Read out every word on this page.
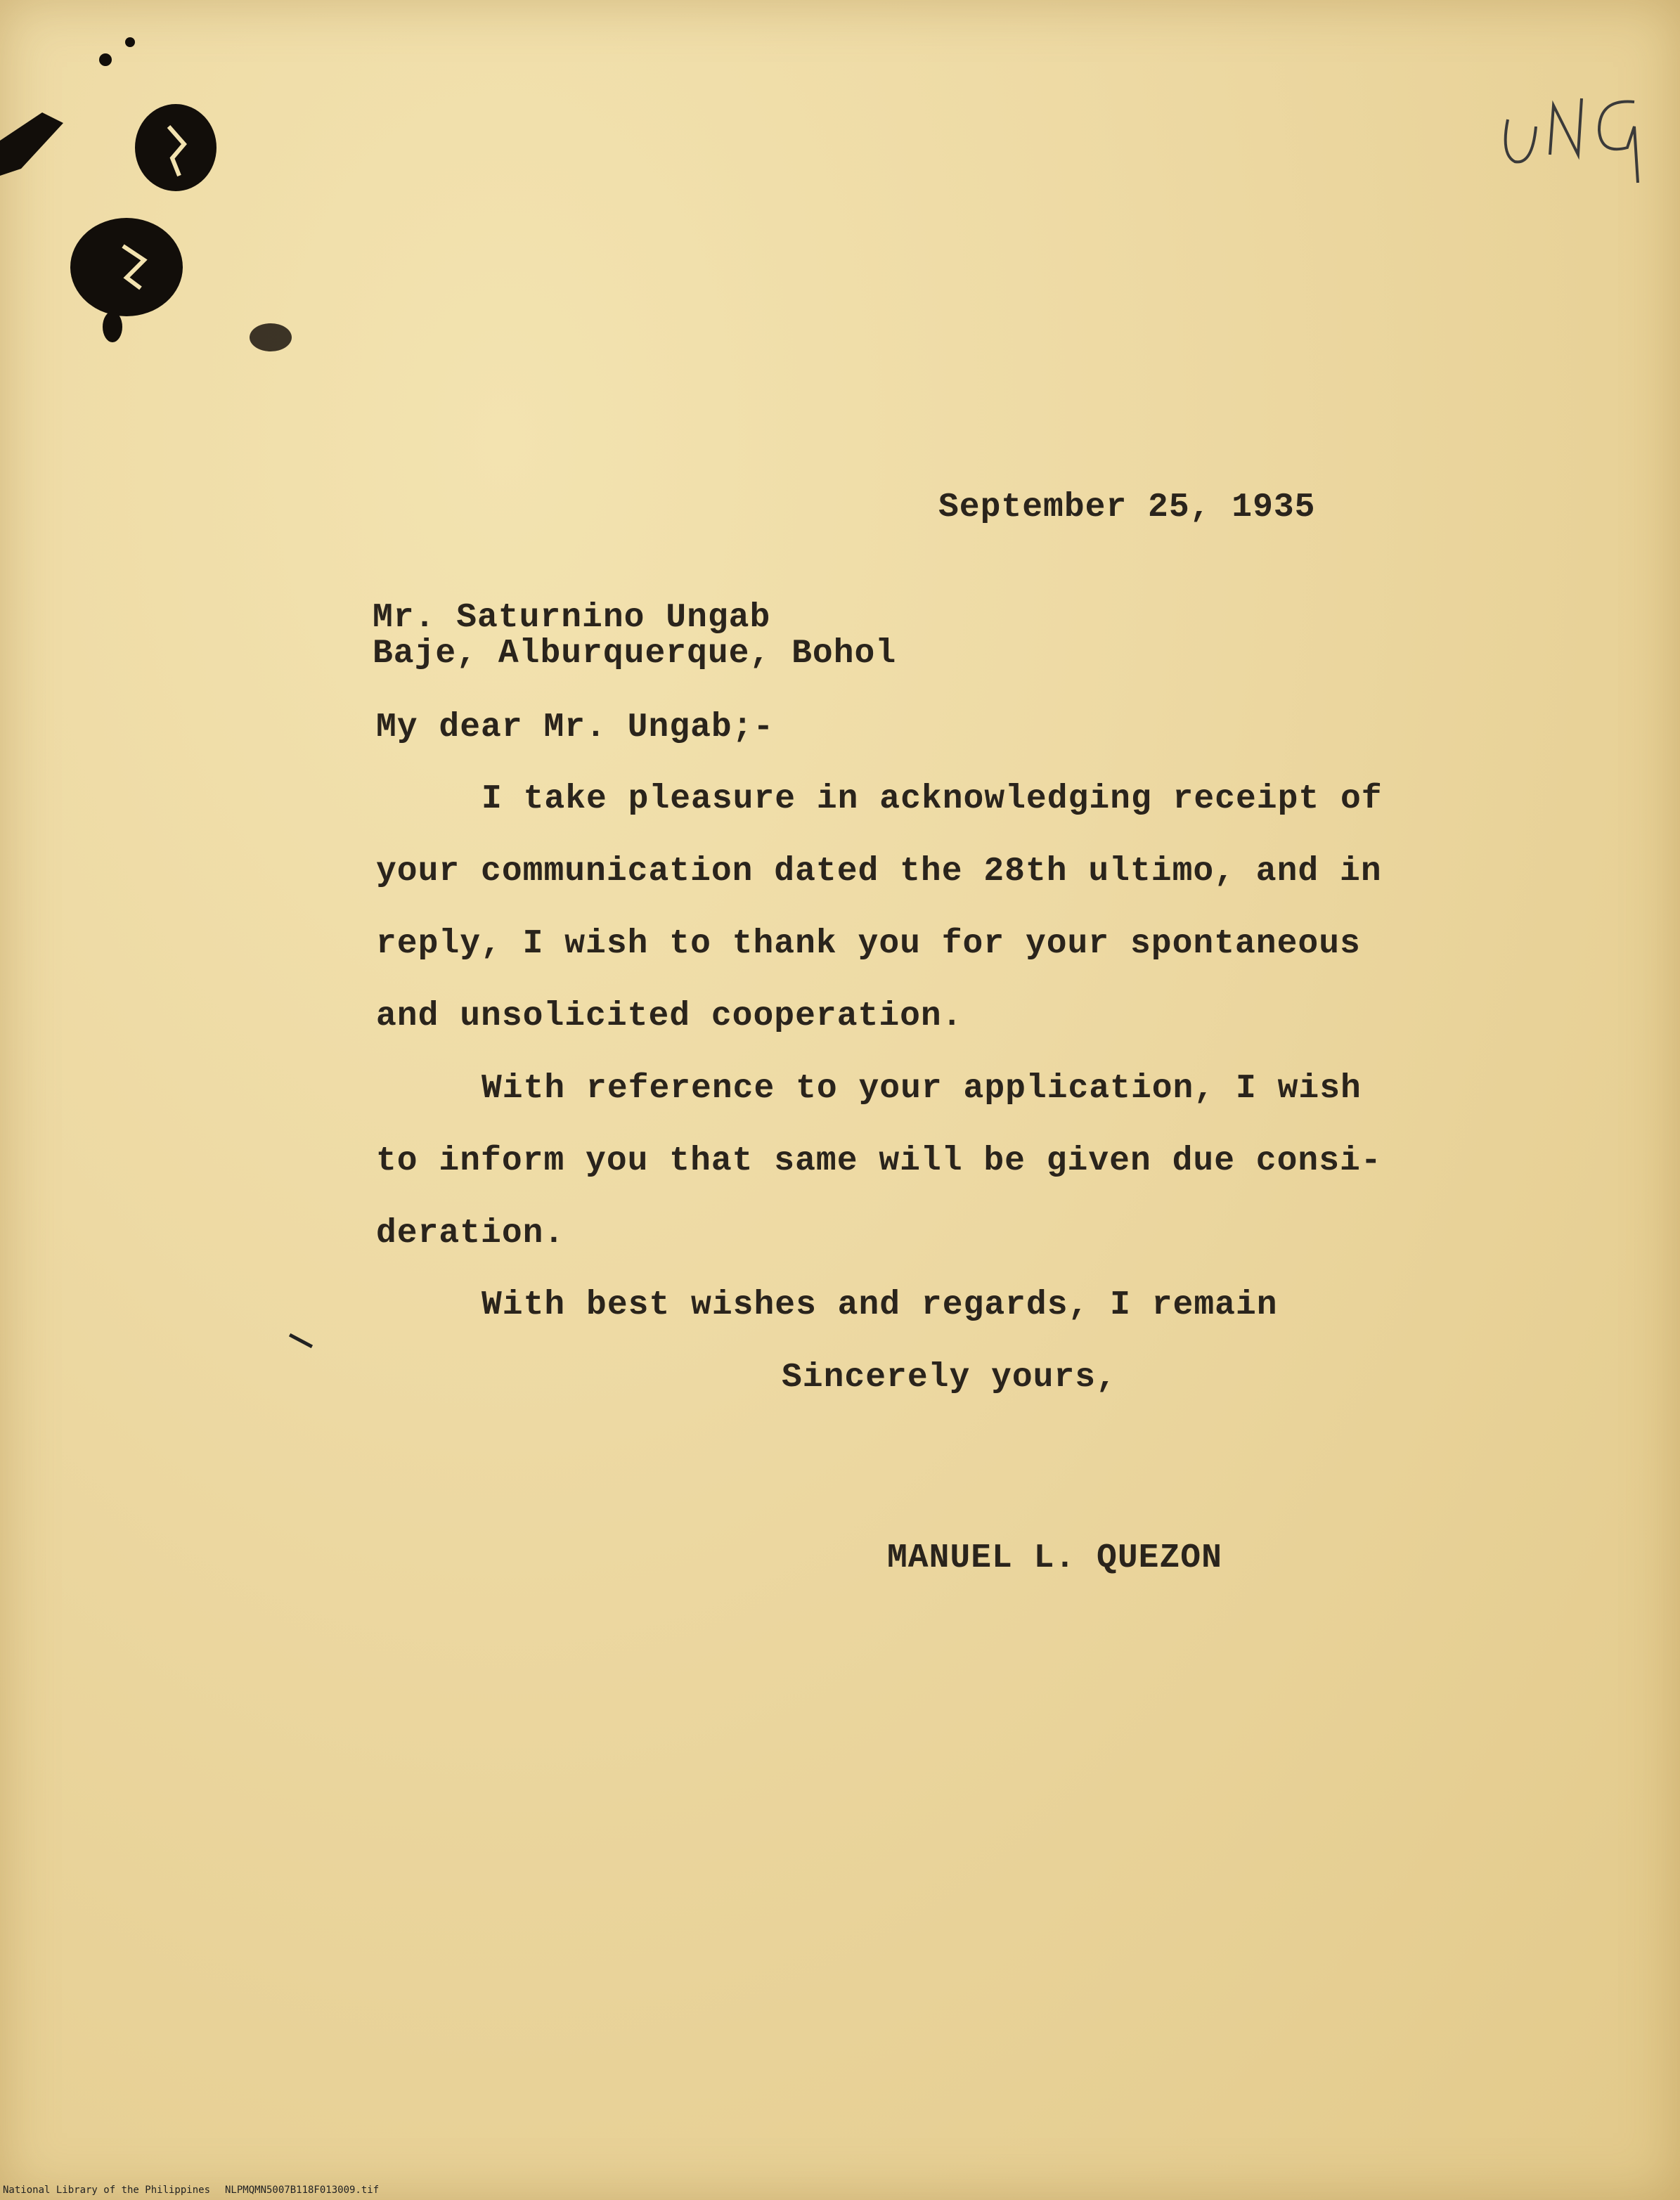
September 25, 1935
Mr. Saturnino Ungab
Baje, Alburquerque, Bohol
My dear Mr. Ungab;-
I take pleasure in acknowledging receipt of
your communication dated the 28th ultimo, and in
reply, I wish to thank you for your spontaneous
and unsolicited cooperation.
With reference to your application, I wish
to inform you that same will be given due consi-
deration.
With best wishes and regards, I remain
Sincerely yours,
MANUEL L. QUEZON
National Library of the Philippines NLPMQMN5007B118F013009.tif
